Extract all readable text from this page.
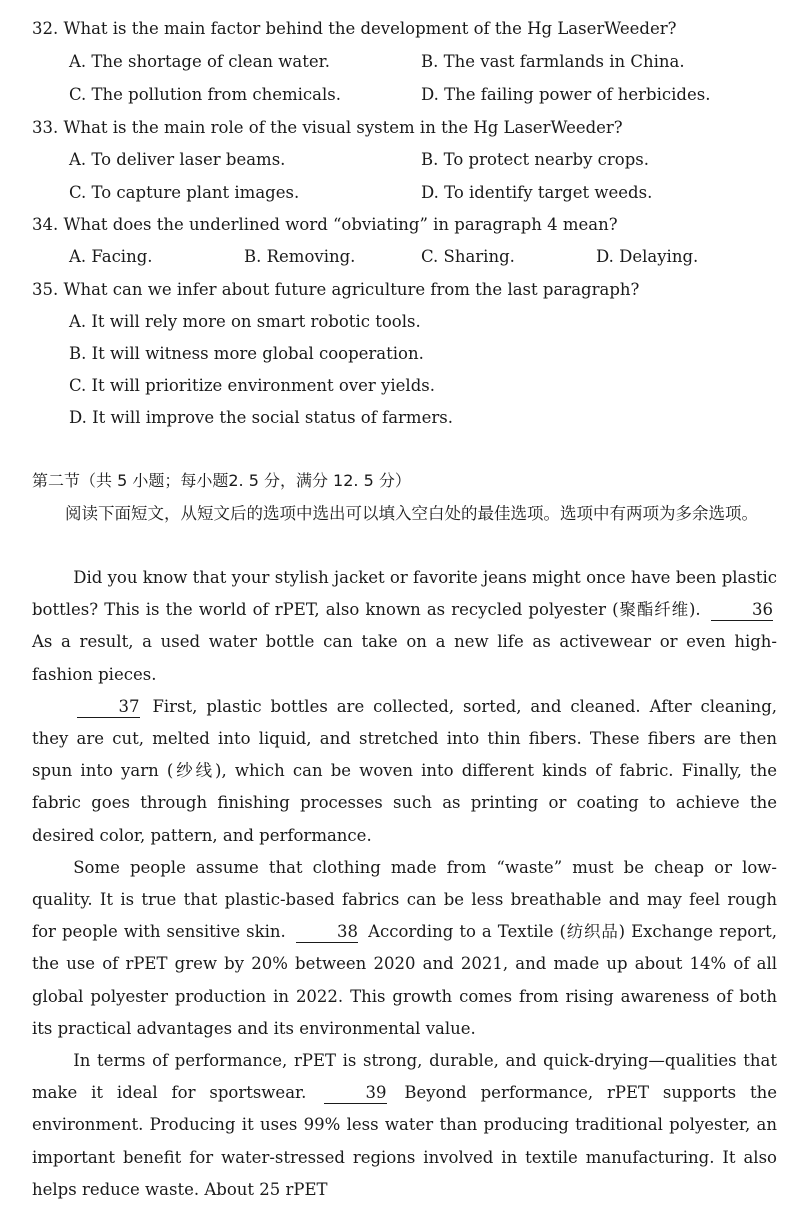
32. What is the main factor behind the development of the Hg LaserWeeder?
A. The shortage of clean water.	B. The vast farmlands in China.
C. The pollution from chemicals.	D. The failing power of herbicides.
33. What is the main role of the visual system in the Hg LaserWeeder?
A. To deliver laser beams.	B. To protect nearby crops.
C. To capture plant images.	D. To identify target weeds.
34. What does the underlined word “obviating” in paragraph 4 mean?
A. Facing.	B. Removing.	C. Sharing.	D. Delaying.
35. What can we infer about future agriculture from the last paragraph?
A. It will rely more on smart robotic tools.
B. It will witness more global cooperation.
C. It will prioritize environment over yields.
D. It will improve the social status of farmers.
第二节（共 5 小题；每小题2. 5 分，满分 12. 5 分）

阅读下面短文，从短文后的选项中选出可以填入空白处的最佳选项。选项中有两项为多余选项。

Did you know that your stylish jacket or favorite jeans might once have been plastic bottles? This is the world of rPET, also known as recycled polyester (聚酯纤维).	36 As a result, a used water bottle can take on a new life as activewear or even high-fashion pieces.

37 First, plastic bottles are collected, sorted, and cleaned. After cleaning, they are cut, melted into liquid, and stretched into thin fibers. These fibers are then spun into yarn (纱线), which can be woven into different kinds of fabric. Finally, the fabric goes through finishing processes such as printing or coating to achieve the desired color, pattern, and performance.

Some people assume that clothing made from “waste” must be cheap or low-quality. It is true that plastic-based fabrics can be less breathable and may feel rough for people with sensitive skin.	38 According to a Textile (纺织品) Exchange report, the use of rPET grew by 20% between 2020 and 2021, and made up about 14% of all global polyester production in 2022. This growth comes from rising awareness of both its practical advantages and its environmental value.

In terms of performance, rPET is strong, durable, and quick-drying—qualities that make it ideal for sportswear.	39 Beyond performance, rPET supports the environment. Producing it uses 99% less water than producing traditional polyester, an important benefit for water-stressed regions involved in textile manufacturing. It also helps reduce waste. About 25 rPET
